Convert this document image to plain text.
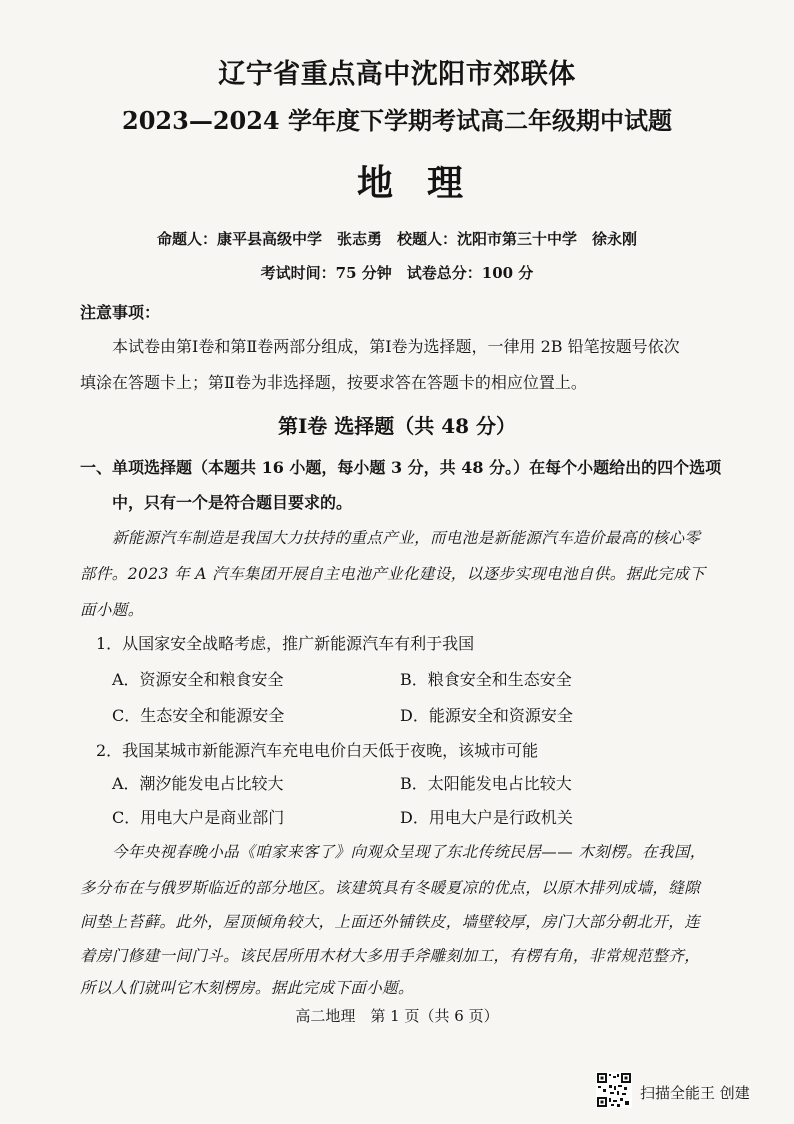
辽宁省重点高中沈阳市郊联体
2023—2024 学年度下学期考试高二年级期中试题
地理
命题人：康平县高级中学　张志勇　校题人：沈阳市第三十中学　徐永刚
考试时间：75 分钟　试卷总分：100 分
注意事项：
本试卷由第Ⅰ卷和第Ⅱ卷两部分组成，第Ⅰ卷为选择题，一律用 2B 铅笔按题号依次
填涂在答题卡上；第Ⅱ卷为非选择题，按要求答在答题卡的相应位置上。
第Ⅰ卷 选择题（共 48 分）
一、单项选择题（本题共 16 小题，每小题 3 分，共 48 分。）在每个小题给出的四个选项
中，只有一个是符合题目要求的。
新能源汽车制造是我国大力扶持的重点产业，而电池是新能源汽车造价最高的核心零
部件。2023 年 A 汽车集团开展自主电池产业化建设，以逐步实现电池自供。据此完成下
面小题。
1．从国家安全战略考虑，推广新能源汽车有利于我国
A．资源安全和粮食安全	B．粮食安全和生态安全
C．生态安全和能源安全	D．能源安全和资源安全
2．我国某城市新能源汽车充电电价白天低于夜晚，该城市可能
A．潮汐能发电占比较大	B．太阳能发电占比较大
C．用电大户是商业部门	D．用电大户是行政机关
今年央视春晚小品《咱家来客了》向观众呈现了东北传统民居—— 木刻楞。在我国，
多分布在与俄罗斯临近的部分地区。该建筑具有冬暖夏凉的优点，以原木排列成墙，缝隙
间垫上苔藓。此外，屋顶倾角较大，上面还外铺铁皮，墙壁较厚，房门大部分朝北开，连
着房门修建一间门斗。该民居所用木材大多用手斧雕刻加工，有楞有角，非常规范整齐，
所以人们就叫它木刻楞房。据此完成下面小题。
高二地理　第 1 页（共 6 页）
扫描全能王 创建
